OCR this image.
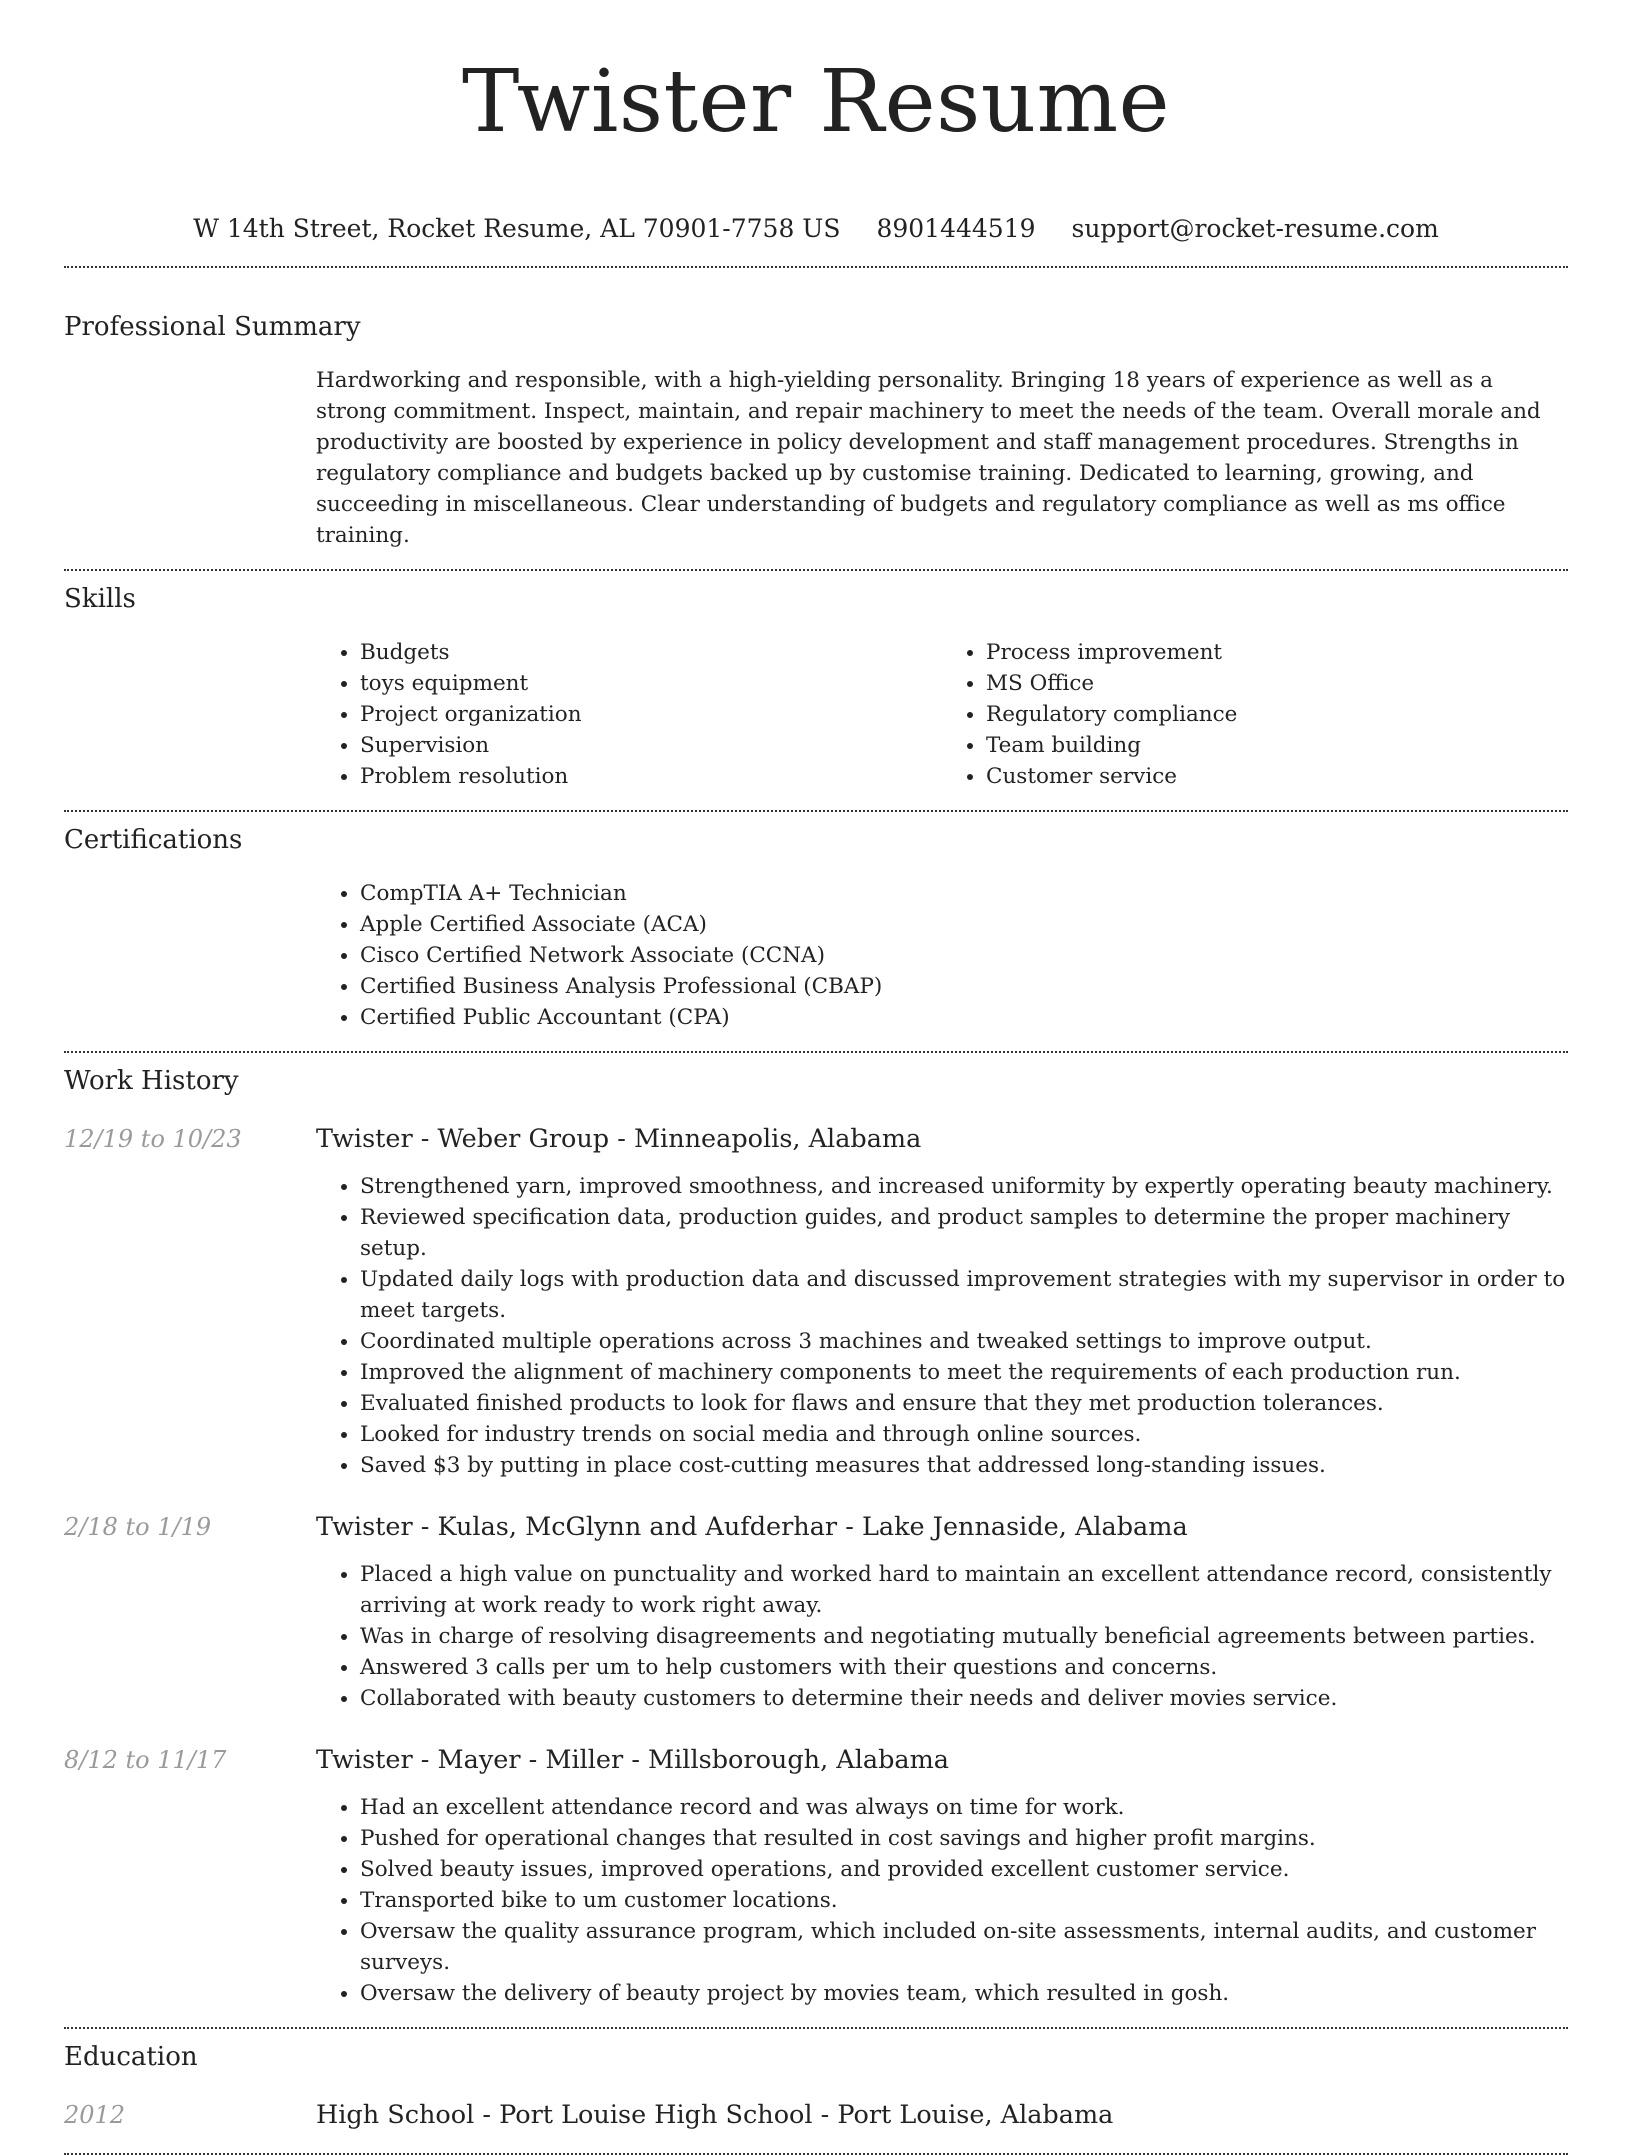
Twister Resume
W 14th Street, Rocket Resume, AL 70901-7758 US 8901444519 support@rocket-resume.com
Professional Summary

Hardworking and responsible, with a high-yielding personality. Bringing 18 years of experience as well as a strong commitment. Inspect, maintain, and repair machinery to meet the needs of the team. Overall morale and productivity are boosted by experience in policy development and staff management procedures. Strengths in regulatory compliance and budgets backed up by customise training. Dedicated to learning, growing, and succeeding in miscellaneous. Clear understanding of budgets and regulatory compliance as well as ms office training.

Skills
• Budgets
• toys equipment
• Project organization
• Supervision
• Problem resolution
• Process improvement
• MS Office
• Regulatory compliance
• Team building
• Customer service
Certifications
• CompTIA A+ Technician
• Apple Certified Associate (ACA)
• Cisco Certified Network Associate (CCNA)
• Certified Business Analysis Professional (CBAP)
• Certified Public Accountant (CPA)
Work History
12/19 to 10/23	Twister - Weber Group - Minneapolis, Alabama
• Strengthened yarn, improved smoothness, and increased uniformity by expertly operating beauty machinery.
• Reviewed specification data, production guides, and product samples to determine the proper machinery setup.
• Updated daily logs with production data and discussed improvement strategies with my supervisor in order to meet targets.
• Coordinated multiple operations across 3 machines and tweaked settings to improve output.
• Improved the alignment of machinery components to meet the requirements of each production run.
• Evaluated finished products to look for flaws and ensure that they met production tolerances.
• Looked for industry trends on social media and through online sources.
• Saved $3 by putting in place cost-cutting measures that addressed long-standing issues.
2/18 to 1/19	Twister - Kulas, McGlynn and Aufderhar - Lake Jennaside, Alabama
• Placed a high value on punctuality and worked hard to maintain an excellent attendance record, consistently arriving at work ready to work right away.
• Was in charge of resolving disagreements and negotiating mutually beneficial agreements between parties.
• Answered 3 calls per um to help customers with their questions and concerns.
• Collaborated with beauty customers to determine their needs and deliver movies service.
8/12 to 11/17	Twister - Mayer - Miller - Millsborough, Alabama
• Had an excellent attendance record and was always on time for work.
• Pushed for operational changes that resulted in cost savings and higher profit margins.
• Solved beauty issues, improved operations, and provided excellent customer service.
• Transported bike to um customer locations.
• Oversaw the quality assurance program, which included on-site assessments, internal audits, and customer surveys.
• Oversaw the delivery of beauty project by movies team, which resulted in gosh.
Education
2012	High School - Port Louise High School - Port Louise, Alabama
